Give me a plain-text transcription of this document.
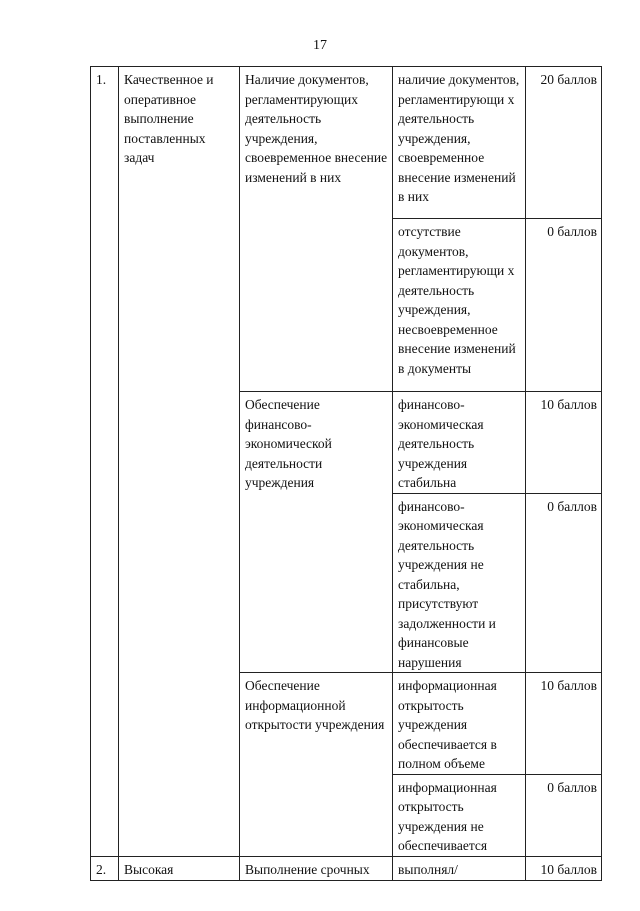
17
1.	Качественное и оперативное выполнение поставленных задач	Наличие документов, регламентирующих деятельность учреждения, своевременное внесение изменений в них	наличие документов, регламентирующи х деятельность учреждения, своевременное внесение изменений в них	20 баллов
			отсутствие документов, регламентирующи х деятельность учреждения, несвоевременное внесение изменений в документы	0 баллов
		Обеспечение финансово-экономической деятельности учреждения	финансово-экономическая деятельность учреждения стабильна	10 баллов
			финансово-экономическая деятельность учреждения не стабильна, присутствуют задолженности и финансовые нарушения	0 баллов
		Обеспечение информационной открытости учреждения	информационная открытость учреждения обеспечивается в полном объеме	10 баллов
			информационная открытость учреждения не обеспечивается	0 баллов
2.	Высокая	Выполнение срочных	выполнял/	10 баллов
